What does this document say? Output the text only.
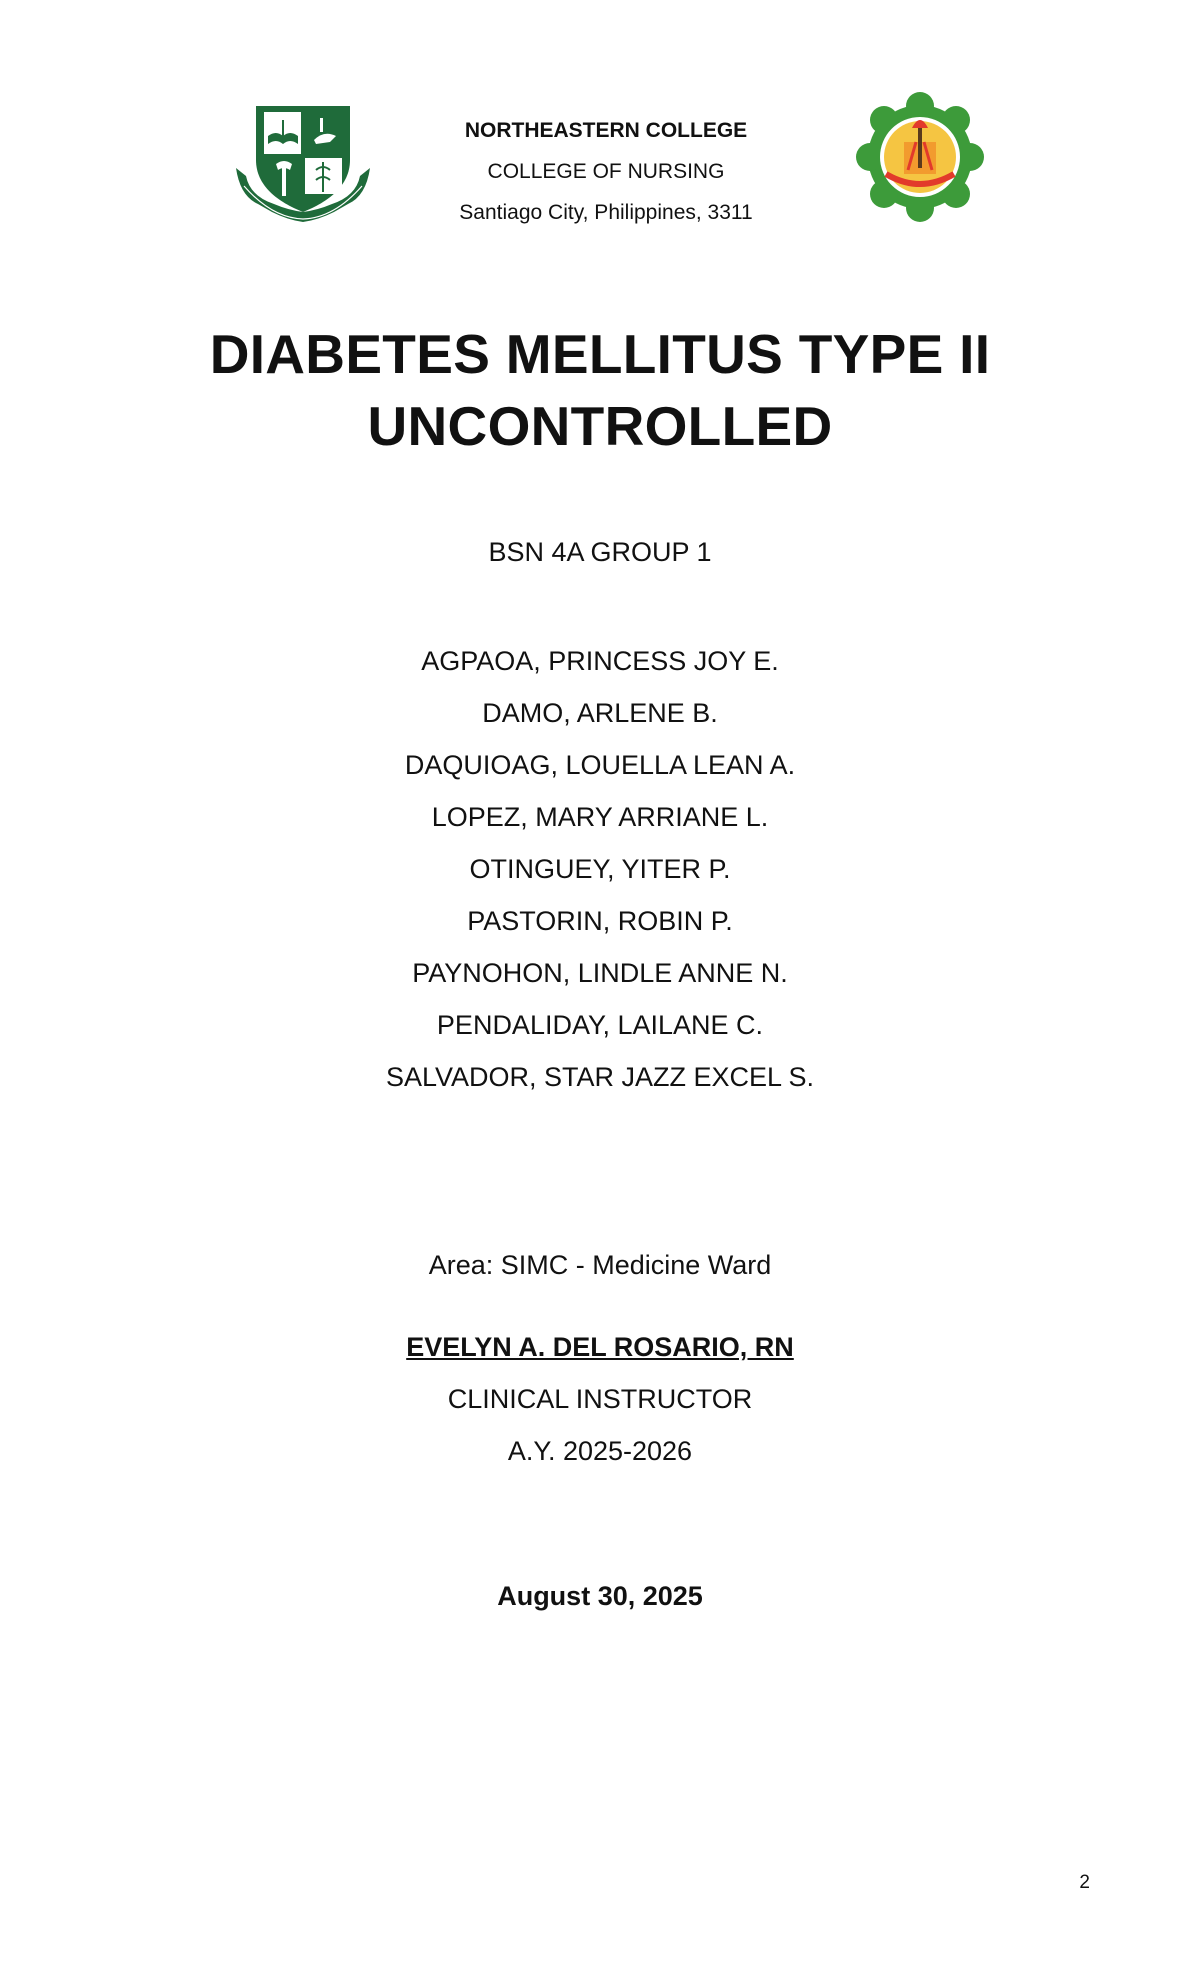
NORTHEASTERN COLLEGE
COLLEGE OF NURSING
Santiago City, Philippines, 3311
DIABETES MELLITUS TYPE II
UNCONTROLLED
BSN 4A GROUP 1
AGPAOA, PRINCESS JOY E.
DAMO, ARLENE B.
DAQUIOAG, LOUELLA LEAN A.
LOPEZ, MARY ARRIANE L.
OTINGUEY, YITER P.
PASTORIN, ROBIN P.
PAYNOHON, LINDLE ANNE N.
PENDALIDAY, LAILANE C.
SALVADOR, STAR JAZZ EXCEL S.
Area: SIMC - Medicine Ward
EVELYN A. DEL ROSARIO, RN
CLINICAL INSTRUCTOR
A.Y. 2025-2026
August 30, 2025
2
